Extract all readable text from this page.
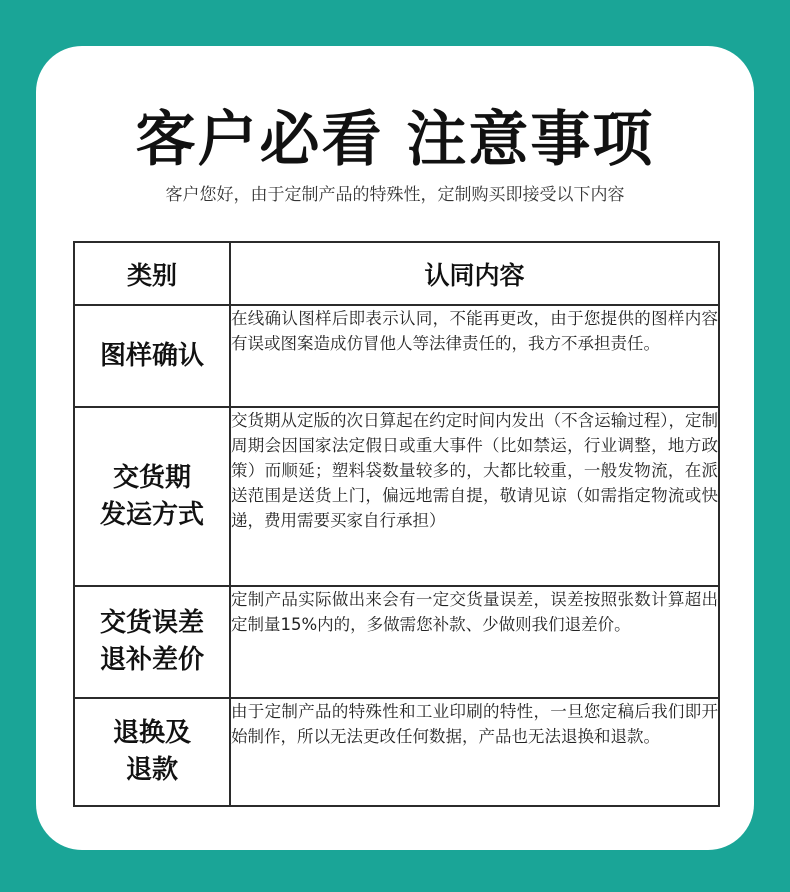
客户必看 注意事项
客户您好，由于定制产品的特殊性，定制购买即接受以下内容
类别	认同内容

图样确认	在线确认图样后即表示认同，不能再更改，由于您提供的图样内容有误或图案造成仿冒他人等法律责任的，我方不承担责任。

交货期
发运方式	交货期从定版的次日算起在约定时间内发出（不含运输过程），定制周期会因国家法定假日或重大事件（比如禁运，行业调整，地方政策）而顺延；塑料袋数量较多的，大都比较重，一般发物流，在派送范围是送货上门，偏远地需自提，敬请见谅（如需指定物流或快递，费用需要买家自行承担）

交货误差
退补差价	定制产品实际做出来会有一定交货量误差，误差按照张数计算超出定制量15%内的，多做需您补款、少做则我们退差价。

退换及
退款	由于定制产品的特殊性和工业印刷的特性，一旦您定稿后我们即开始制作，所以无法更改任何数据，产品也无法退换和退款。
